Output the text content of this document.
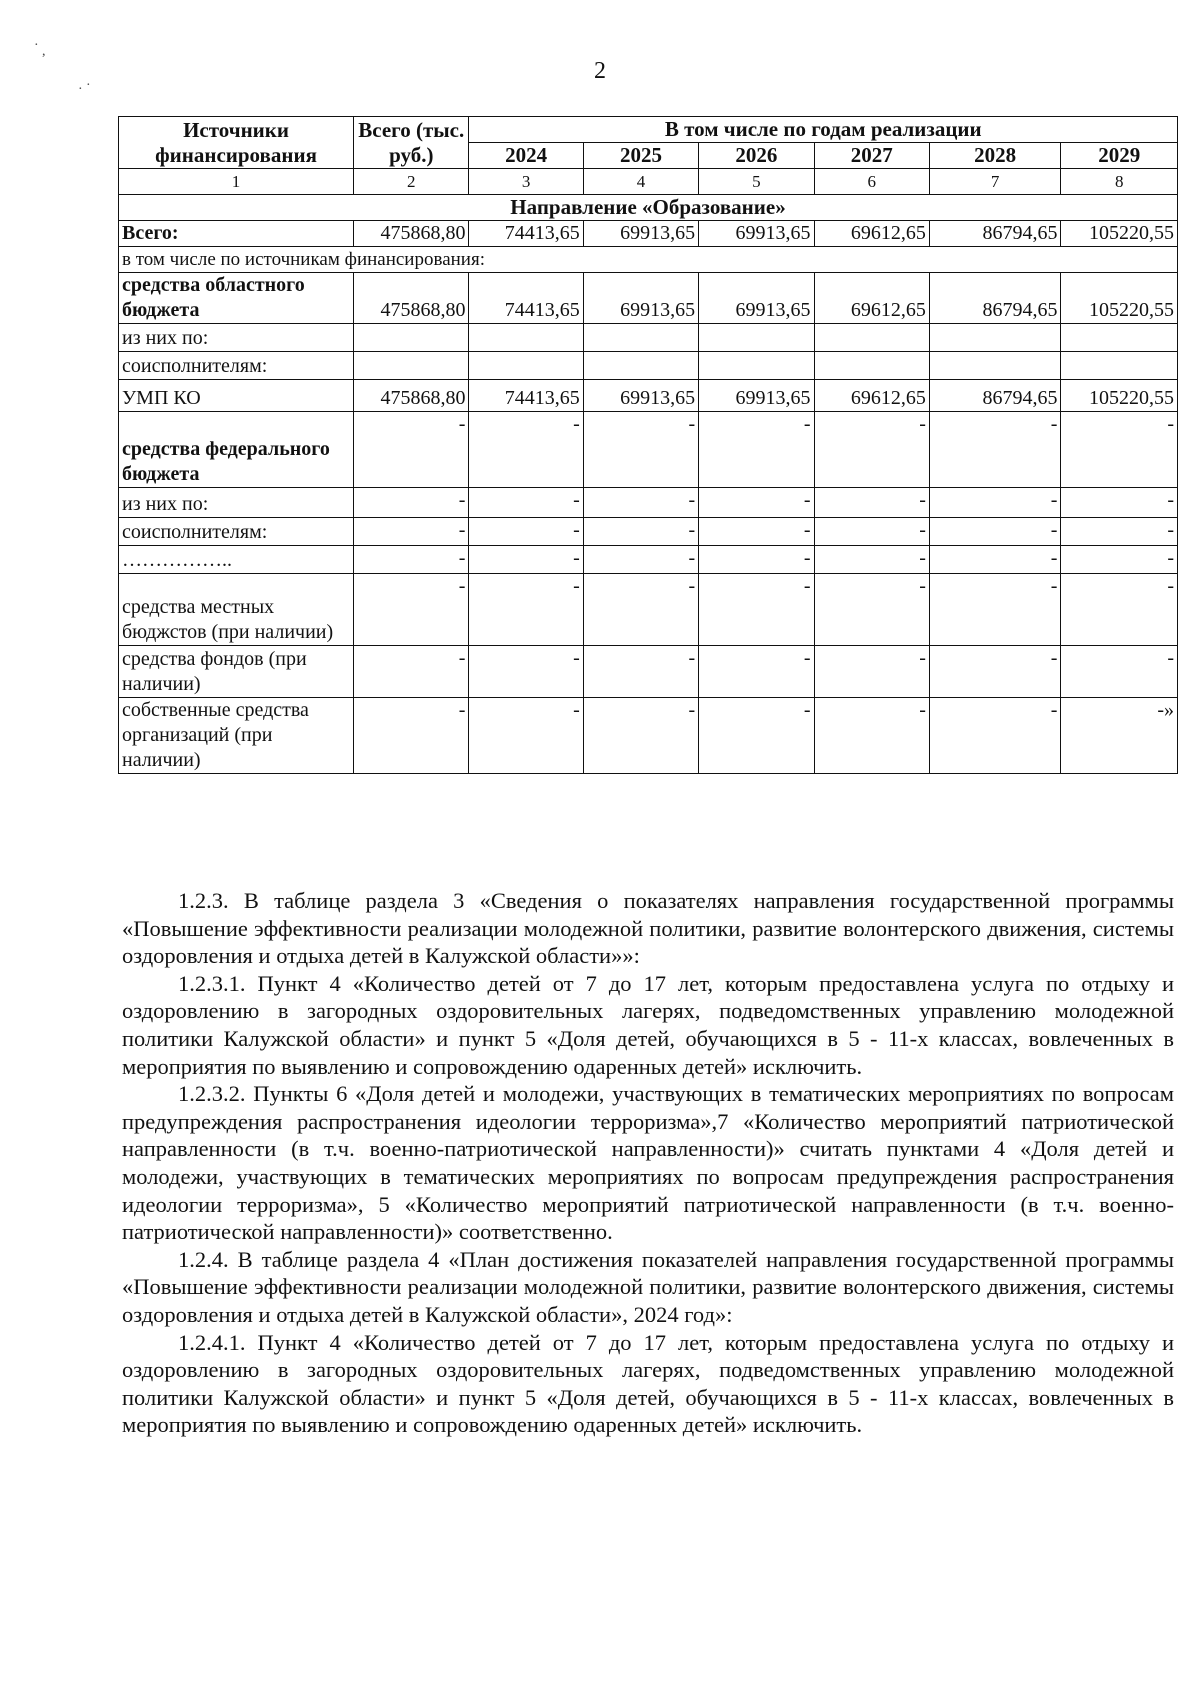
· ,
· ·
2
Источники финансирования	Всего (тыс. руб.)	В том числе по годам реализации					
		2024	2025	2026	2027	2028	2029
1	2	3	4	5	6	7	8
Направление «Образование»							
Всего:	475868,80	74413,65	69913,65	69913,65	69612,65	86794,65	105220,55
в том числе по источникам финансирования:							
средства областного бюджета	475868,80	74413,65	69913,65	69913,65	69612,65	86794,65	105220,55
из них по:							
соисполнителям:							
УМП КО	475868,80	74413,65	69913,65	69913,65	69612,65	86794,65	105220,55
средства федерального бюджета	-	-	-	-	-	-	-
из них по:	-	-	-	-	-	-	-
соисполнителям:	-	-	-	-	-	-	-
……………..	-	-	-	-	-	-	-
средства местных бюджстов (при наличии)	-	-	-	-	-	-	-
средства фондов (при наличии)	-	-	-	-	-	-	-
собственные средства организаций (при наличии)	-	-	-	-	-	-	-»

1.2.3. В таблице раздела 3 «Сведения о показателях направления государственной программы «Повышение эффективности реализации молодежной политики, развитие волонтерского движения, системы оздоровления и отдыха детей в Калужской области»»:

1.2.3.1. Пункт 4 «Количество детей от 7 до 17 лет, которым предоставлена услуга по отдыху и оздоровлению в загородных оздоровительных лагерях, подведомственных управлению молодежной политики Калужской области» и пункт 5 «Доля детей, обучающихся в 5 - 11-х классах, вовлеченных в мероприятия по выявлению и сопровождению одаренных детей» исключить.

1.2.3.2. Пункты 6 «Доля детей и молодежи, участвующих в тематических мероприятиях по вопросам предупреждения распространения идеологии терроризма»,7 «Количество мероприятий патриотической направленности (в т.ч. военно-патриотической направленности)» считать пунктами 4 «Доля детей и молодежи, участвующих в тематических мероприятиях по вопросам предупреждения распространения идеологии терроризма», 5 «Количество мероприятий патриотической направленности (в т.ч. военно-патриотической направленности)» соответственно.

1.2.4. В таблице раздела 4 «План достижения показателей направления государственной программы «Повышение эффективности реализации молодежной политики, развитие волонтерского движения, системы оздоровления и отдыха детей в Калужской области», 2024 год»:

1.2.4.1. Пункт 4 «Количество детей от 7 до 17 лет, которым предоставлена услуга по отдыху и оздоровлению в загородных оздоровительных лагерях, подведомственных управлению молодежной политики Калужской области» и пункт 5 «Доля детей, обучающихся в 5 - 11-х классах, вовлеченных в мероприятия по выявлению и сопровождению одаренных детей» исключить.
